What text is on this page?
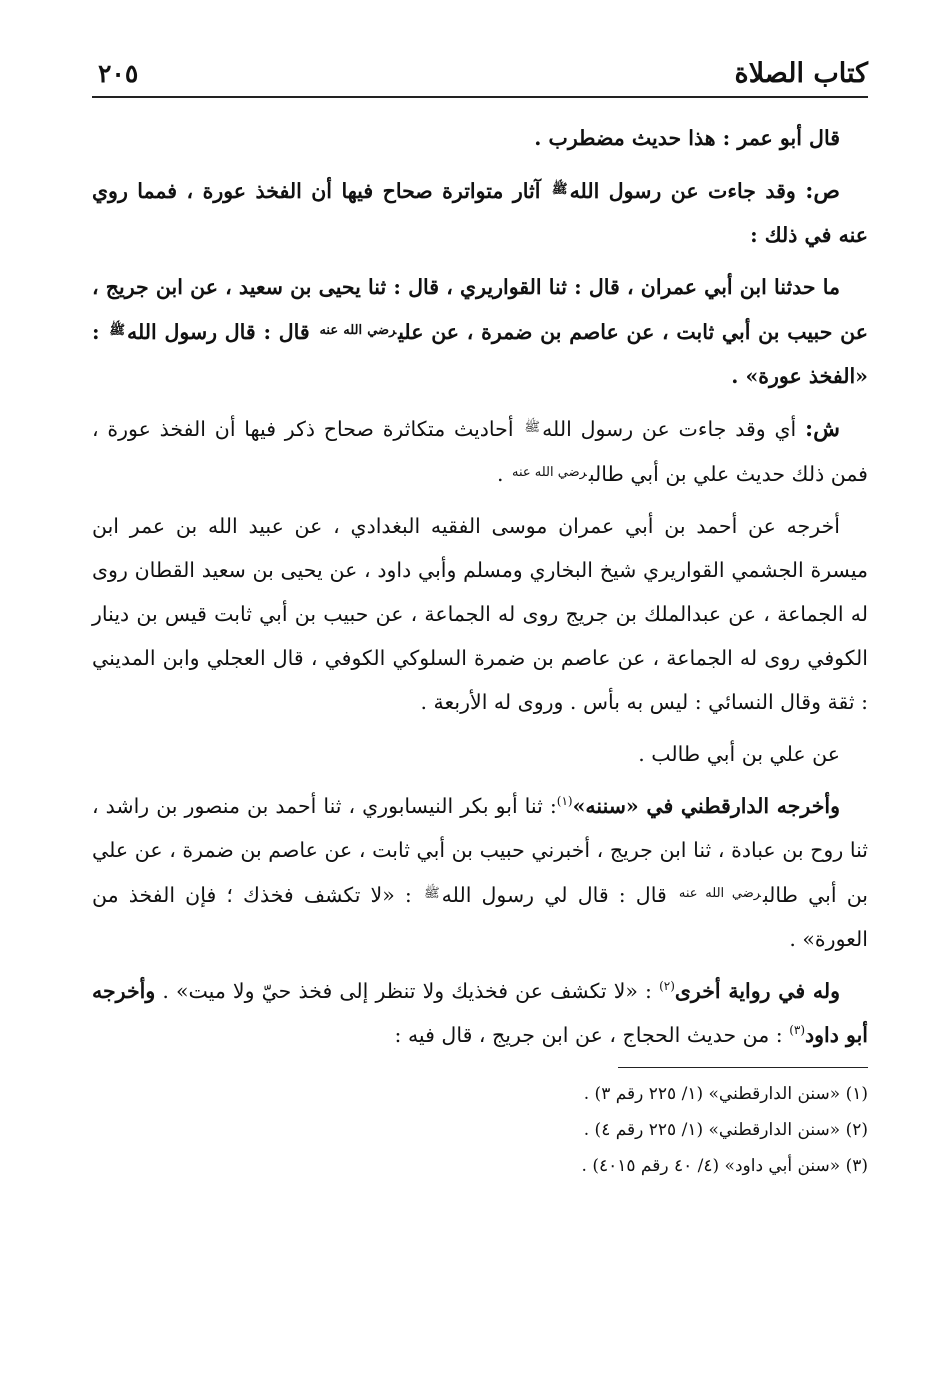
كتاب الصلاة
٢٠٥

قال أبو عمر : هذا حديث مضطرب .

ص: وقد جاءت عن رسول الله$^ﷺ$ آثار متواترة صحاح فيها أن الفخذ عورة ، فمما روي عنه في ذلك :

ما حدثنا ابن أبي عمران ، قال : ثنا القواريري ، قال : ثنا يحيى بن سعيد ، عن ابن جريج ، عن حبيب بن أبي ثابت ، عن عاصم بن ضمرة ، عن علي$^{رضي الله عنه}$ قال : قال رسول الله$^ﷺ$ : «الفخذ عورة» .

ش: أي وقد جاءت عن رسول الله$^ﷺ$ أحاديث متكاثرة صحاح ذكر فيها أن الفخذ عورة ، فمن ذلك حديث علي بن أبي طالب$^{رضي الله عنه}$ .

أخرجه عن أحمد بن أبي عمران موسى الفقيه البغدادي ، عن عبيد الله بن عمر ابن ميسرة الجشمي القواريري شيخ البخاري ومسلم وأبي داود ، عن يحيى بن سعيد القطان روى له الجماعة ، عن عبدالملك بن جريج روى له الجماعة ، عن حبيب بن أبي ثابت قيس بن دينار الكوفي روى له الجماعة ، عن عاصم بن ضمرة السلوكي الكوفي ، قال العجلي وابن المديني : ثقة وقال النسائي : ليس به بأس . وروى له الأربعة .

عن علي بن أبي طالب .

وأخرجه الدارقطني في «سننه»$^{(١)}$: ثنا أبو بكر النيسابوري ، ثنا أحمد بن منصور بن راشد ، ثنا روح بن عبادة ، ثنا ابن جريج ، أخبرني حبيب بن أبي ثابت ، عن عاصم بن ضمرة ، عن علي بن أبي طالب$^{رضي الله عنه}$ قال : قال لي رسول الله$^ﷺ$ : «لا تكشف فخذك ؛ فإن الفخذ من العورة» .

وله في رواية أخرى$^{(٢)}$ : «لا تكشف عن فخذيك ولا تنظر إلى فخذ حيّ ولا ميت» . وأخرجه أبو داود$^{(٣)}$ : من حديث الحجاج ، عن ابن جريج ، قال فيه :

(١) «سنن الدارقطني» (١/ ٢٢٥ رقم ٣) .

(٢) «سنن الدارقطني» (١/ ٢٢٥ رقم ٤) .

(٣) «سنن أبي داود» (٤/ ٤٠ رقم ٤٠١٥) .
